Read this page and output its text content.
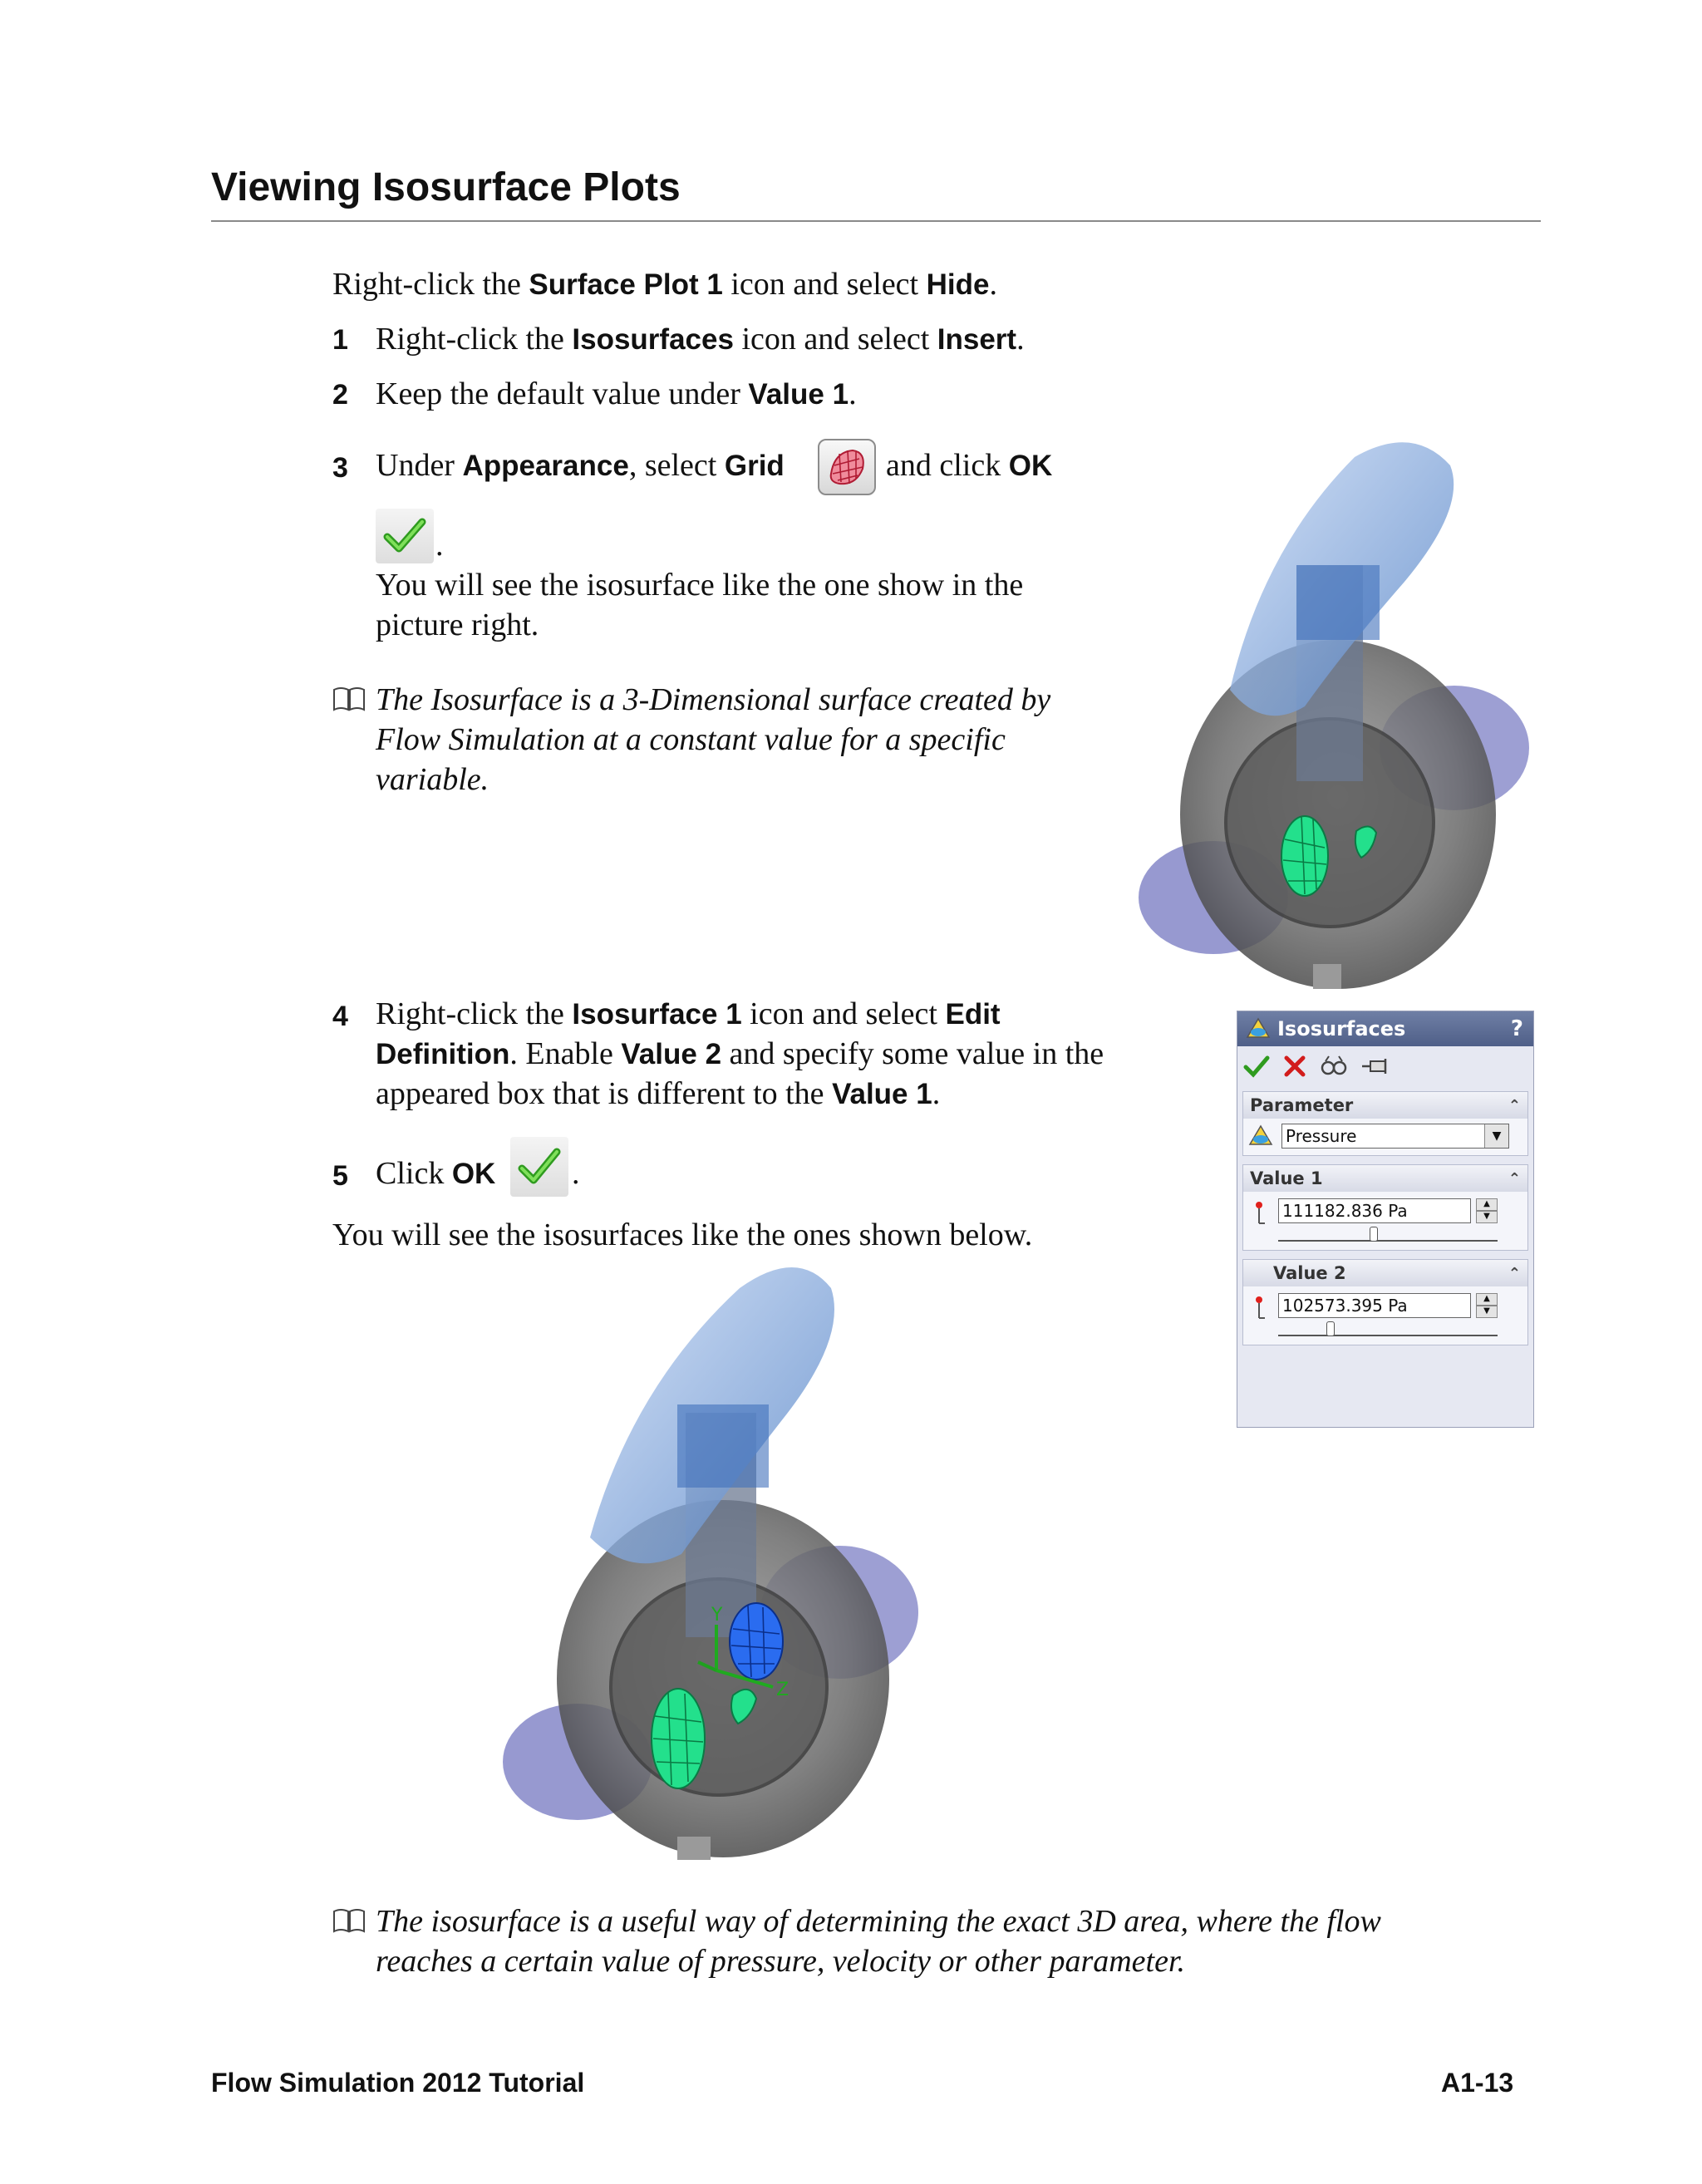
Viewing Isosurface Plots
Right-click the Surface Plot 1 icon and select Hide.
1 Right-click the Isosurfaces icon and select Insert.
2 Keep the default value under Value 1.
3 Under Appearance, select Grid	and click OK
.
You will see the isosurface like the one show in the
picture right.
The Isosurface is a 3-Dimensional surface created by
Flow Simulation at a constant value for a specific
variable.
4 Right-click the Isosurface 1 icon and select Edit
Definition. Enable Value 2 and specify some value in the
appeared box that is different to the Value 1.
5 Click OK .
You will see the isosurfaces like the ones shown below.
Isosurfaces	?
Parameter	⌃
Pressure	▼
Value 1	⌃
111182.836 Pa	▲
▼
Value 2	⌃
102573.395 Pa	▲
▼
Y
Z
The isosurface is a useful way of determining the exact 3D area, where the flow
reaches a certain value of pressure, velocity or other parameter.
Flow Simulation 2012 Tutorial	A1-13
